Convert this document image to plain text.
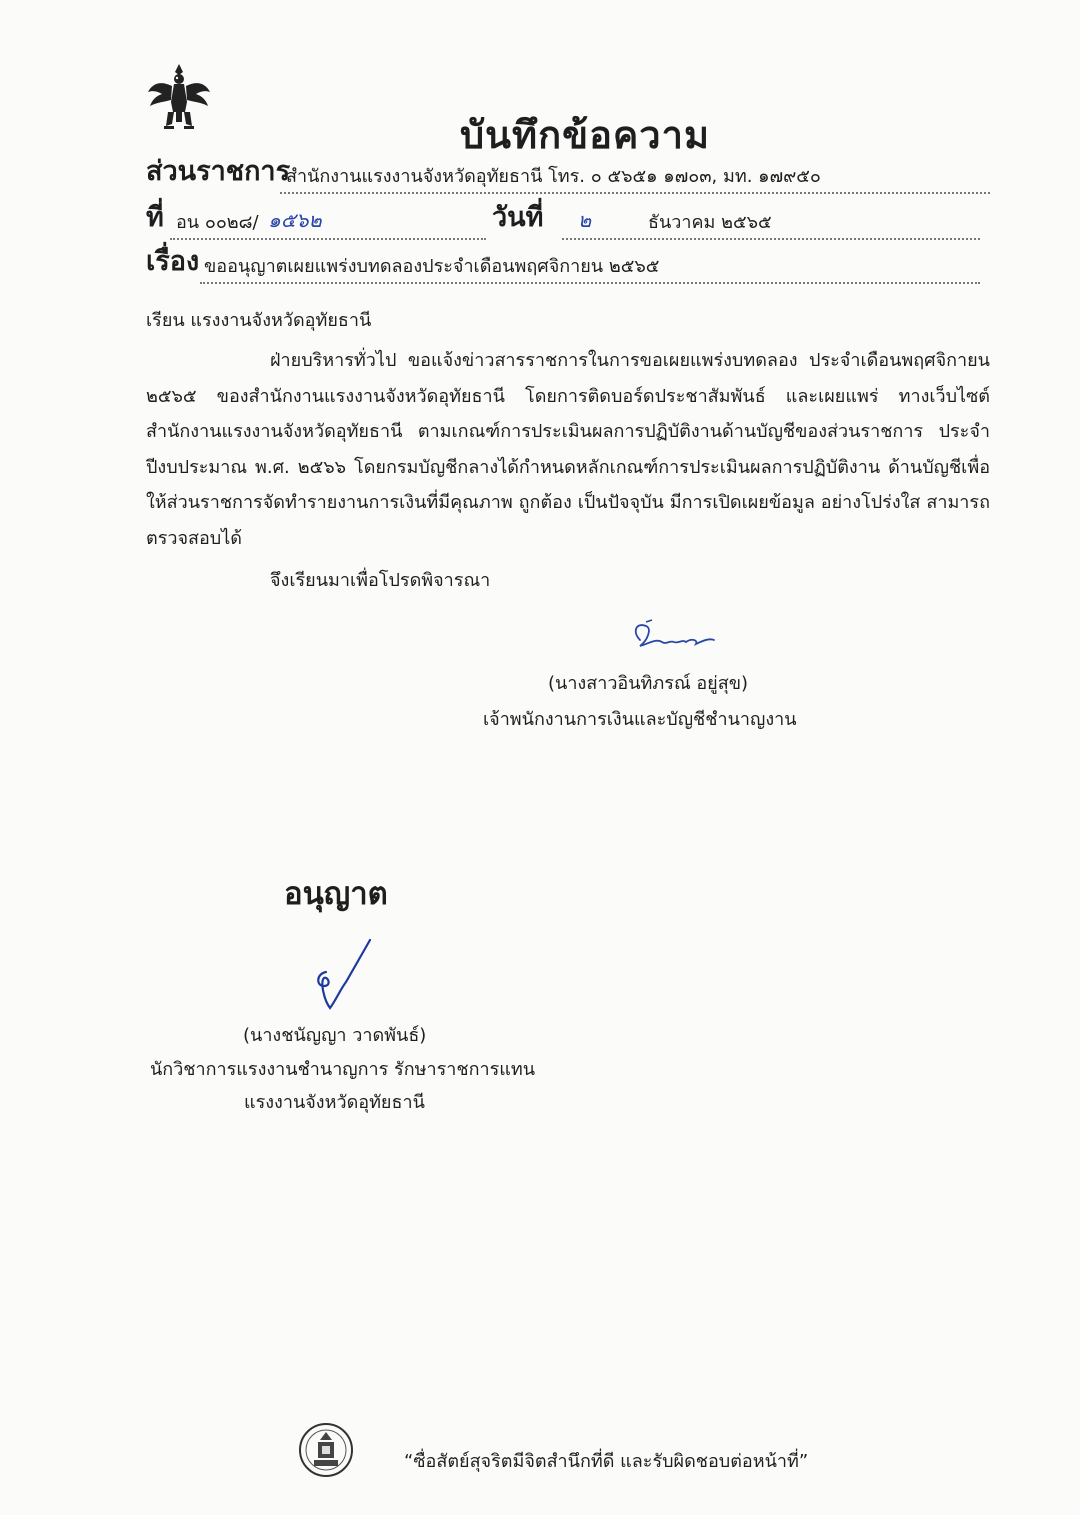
บันทึกข้อความ
ส่วนราชการ
สำนักงานแรงงานจังหวัดอุทัยธานี โทร. ๐ ๕๖๕๑ ๑๗๐๓, มท. ๑๗๙๕๐
ที่ อน ๐๐๒๘/ ๑๕๖๒	วันที่ ๒	ธันวาคม ๒๕๖๕
เรื่อง ขออนุญาตเผยแพร่งบทดลองประจำเดือนพฤศจิกายน ๒๕๖๕
เรียน แรงงานจังหวัดอุทัยธานี
ฝ่ายบริหารทั่วไป ขอแจ้งข่าวสารราชการในการขอเผยแพร่งบทดลอง ประจำเดือนพฤศจิกายน ๒๕๖๕ ของสำนักงานแรงงานจังหวัดอุทัยธานี โดยการติดบอร์ดประชาสัมพันธ์ และเผยแพร่ ทางเว็บไซต์ สำนักงานแรงงานจังหวัดอุทัยธานี ตามเกณฑ์การประเมินผลการปฏิบัติงานด้านบัญชีของส่วนราชการ ประจำปีงบประมาณ พ.ศ. ๒๕๖๖ โดยกรมบัญชีกลางได้กำหนดหลักเกณฑ์การประเมินผลการปฏิบัติงาน ด้านบัญชีเพื่อให้ส่วนราชการจัดทำรายงานการเงินที่มีคุณภาพ ถูกต้อง เป็นปัจจุบัน มีการเปิดเผยข้อมูล อย่างโปร่งใส สามารถตรวจสอบได้
จึงเรียนมาเพื่อโปรดพิจารณา
(นางสาวอินทิภรณ์ อยู่สุข)
เจ้าพนักงานการเงินและบัญชีชำนาญงาน
อนุญาต
(นางชนัญญา วาดพันธ์)
นักวิชาการแรงงานชำนาญการ รักษาราชการแทน
แรงงานจังหวัดอุทัยธานี
“ซื่อสัตย์สุจริตมีจิตสำนึกที่ดี และรับผิดชอบต่อหน้าที่”
